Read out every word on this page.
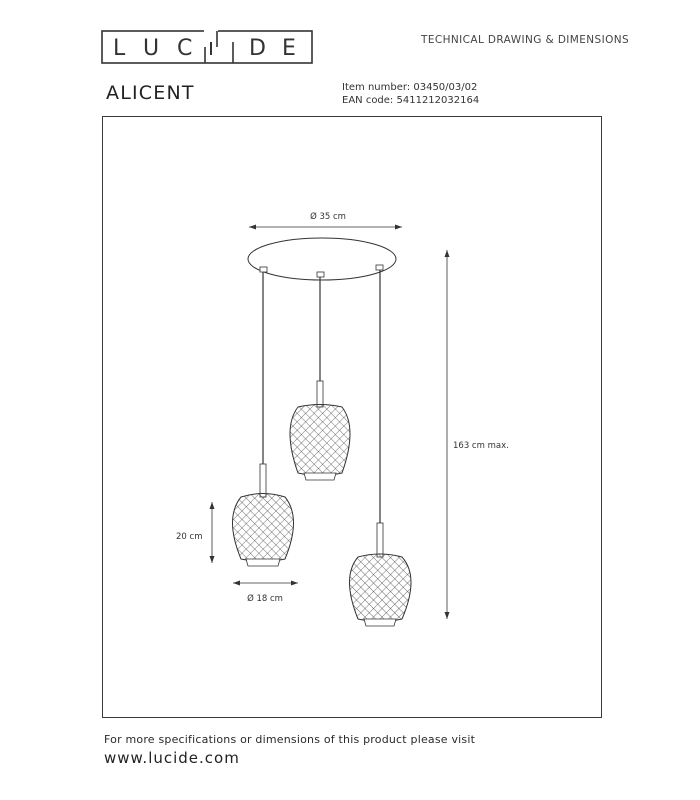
L U C	D E	TECHNICAL DRAWING & DIMENSIONS
ALICENT	Item number: 03450/03/02
EAN code: 5411212032164
Ø 35 cm
163 cm max.
20 cm
Ø 18 cm
For more specifications or dimensions of this product please visit
www.lucide.com
